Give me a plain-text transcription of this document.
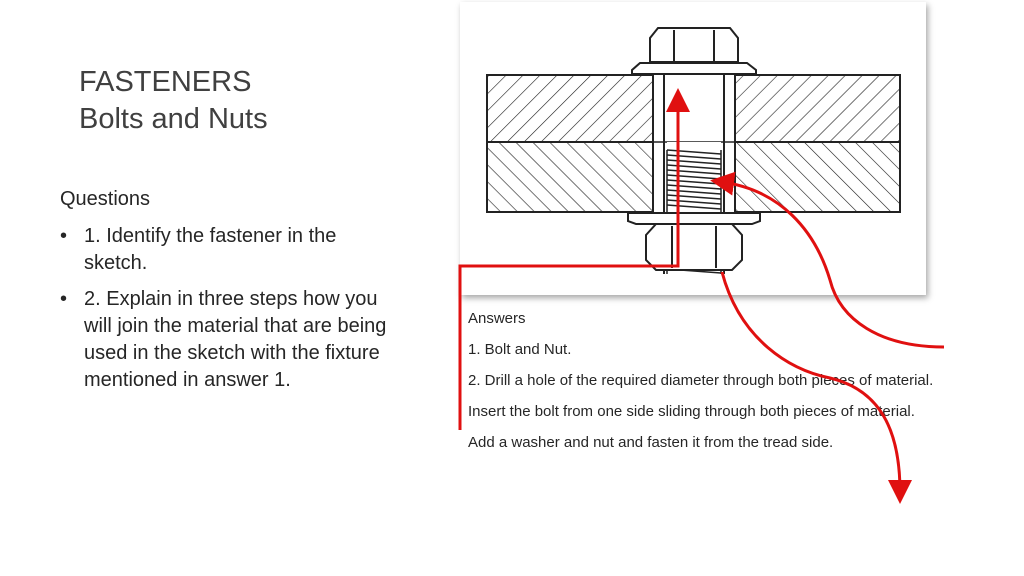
FASTENERS
Bolts and Nuts
Questions
• 1. Identify the fastener in the sketch.
• 2. Explain in three steps how you will join the material that are being used in the sketch with the fixture mentioned in answer 1.

Answers

1. Bolt and Nut.

2. Drill a hole of the required diameter through both pieces of material.

Insert the bolt from one side sliding through both pieces of material.

Add a washer and nut and fasten it from the tread side.
